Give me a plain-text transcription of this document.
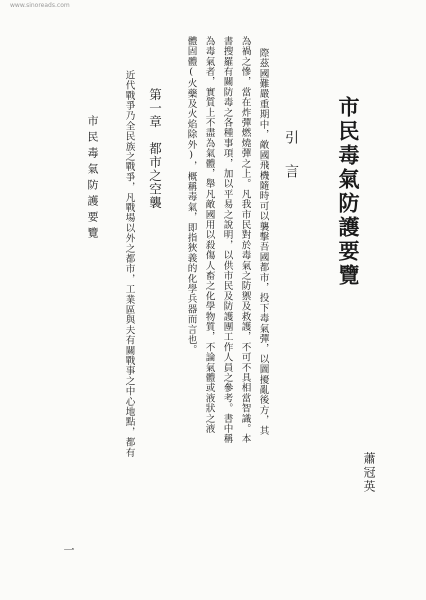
www.sinoreads.com
市民毒氣防護要覽
蕭冠英
引言
際茲國難嚴重期中，敵國飛機隨時可以襲擊吾國都市，投下毒氣彈，以圖擾亂後方，其
為禍之慘，當在炸彈燃燒彈之上。凡我市民對於毒氣之防禦及救護，不可不具相當智識。本
書搜羅有關防毒之各種事項，加以平易之說明，以供市民及防護團工作人員之參考。書中稱
為毒氣者，實質上不盡為氣體，舉凡敵國用以殺傷人畜之化學物質，不論氣體或液狀之液
體固體(火藥及火焰除外)，概稱毒氣，即指狹義的化學兵器而言也。
第一章　都市之空襲
近代戰爭乃全民族之戰爭，凡戰場以外之都市，工業區與夫有關戰事之中心地點，都有
市民毒氣防護要覽
一
